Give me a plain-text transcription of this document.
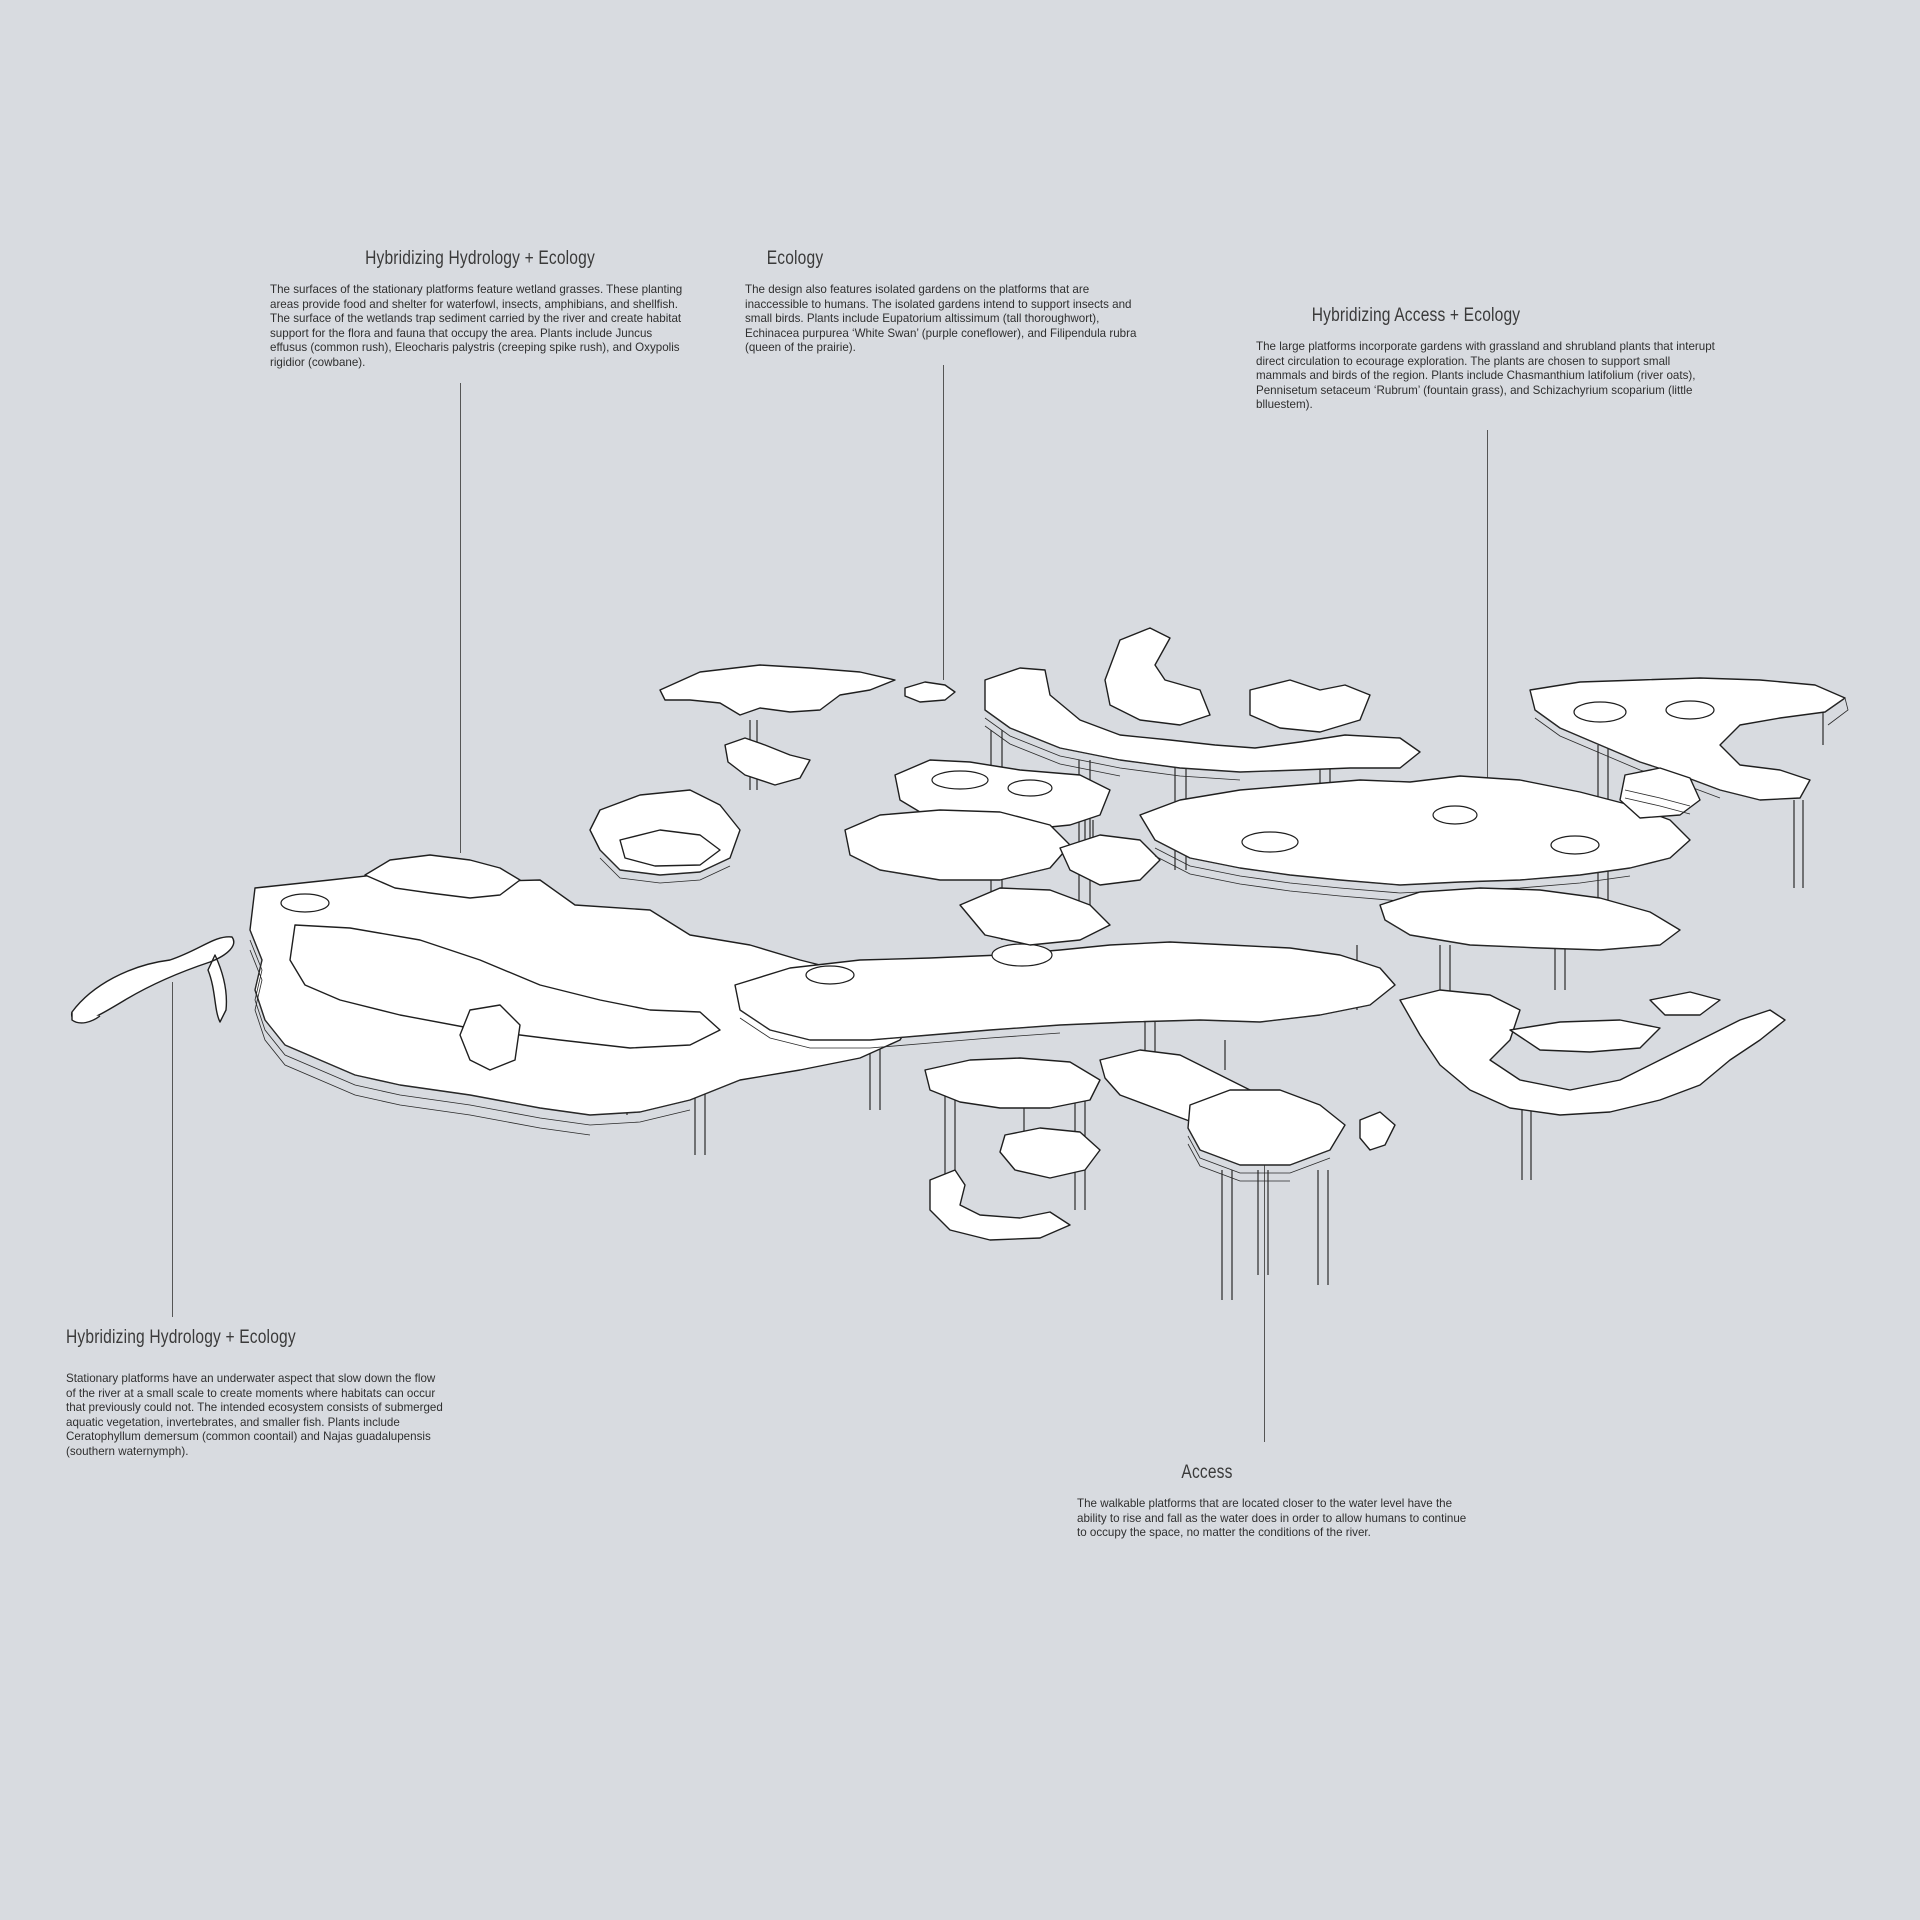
Hybridizing Hydrology + Ecology

The surfaces of the stationary platforms feature wetland grasses. These planting areas provide food and shelter for waterfowl, insects, amphibians, and shellfish. The surface of the wetlands trap sediment carried by the river and create habitat support for the flora and fauna that occupy the area. Plants include Juncus effusus (common rush), Eleocharis palystris (creeping spike rush), and Oxypolis rigidior (cowbane).

Ecology

The design also features isolated gardens on the platforms that are inaccessible to humans. The isolated gardens intend to support insects and small birds. Plants include Eupatorium altissimum (tall thoroughwort), Echinacea purpurea ‘White Swan’ (purple coneflower), and Filipendula rubra (queen of the prairie).

Hybridizing Access + Ecology

The large platforms incorporate gardens with grassland and shrubland plants that interupt direct circulation to ecourage exploration. The plants are chosen to support small mammals and birds of the region. Plants include Chasmanthium latifolium (river oats), Pennisetum setaceum ‘Rubrum’ (fountain grass), and Schizachyrium scoparium (little blluestem).

Hybridizing Hydrology + Ecology

Stationary platforms have an underwater aspect that slow down the flow of the river at a small scale to create moments where habitats can occur that previously could not. The intended ecosystem consists of submerged aquatic vegetation, invertebrates, and smaller fish. Plants include Ceratophyllum demersum (common coontail) and Najas guadalupensis (southern waternymph).

Access

The walkable platforms that are located closer to the water level have the ability to rise and fall as the water does in order to allow humans to continue to occupy the space, no matter the conditions of the river.
